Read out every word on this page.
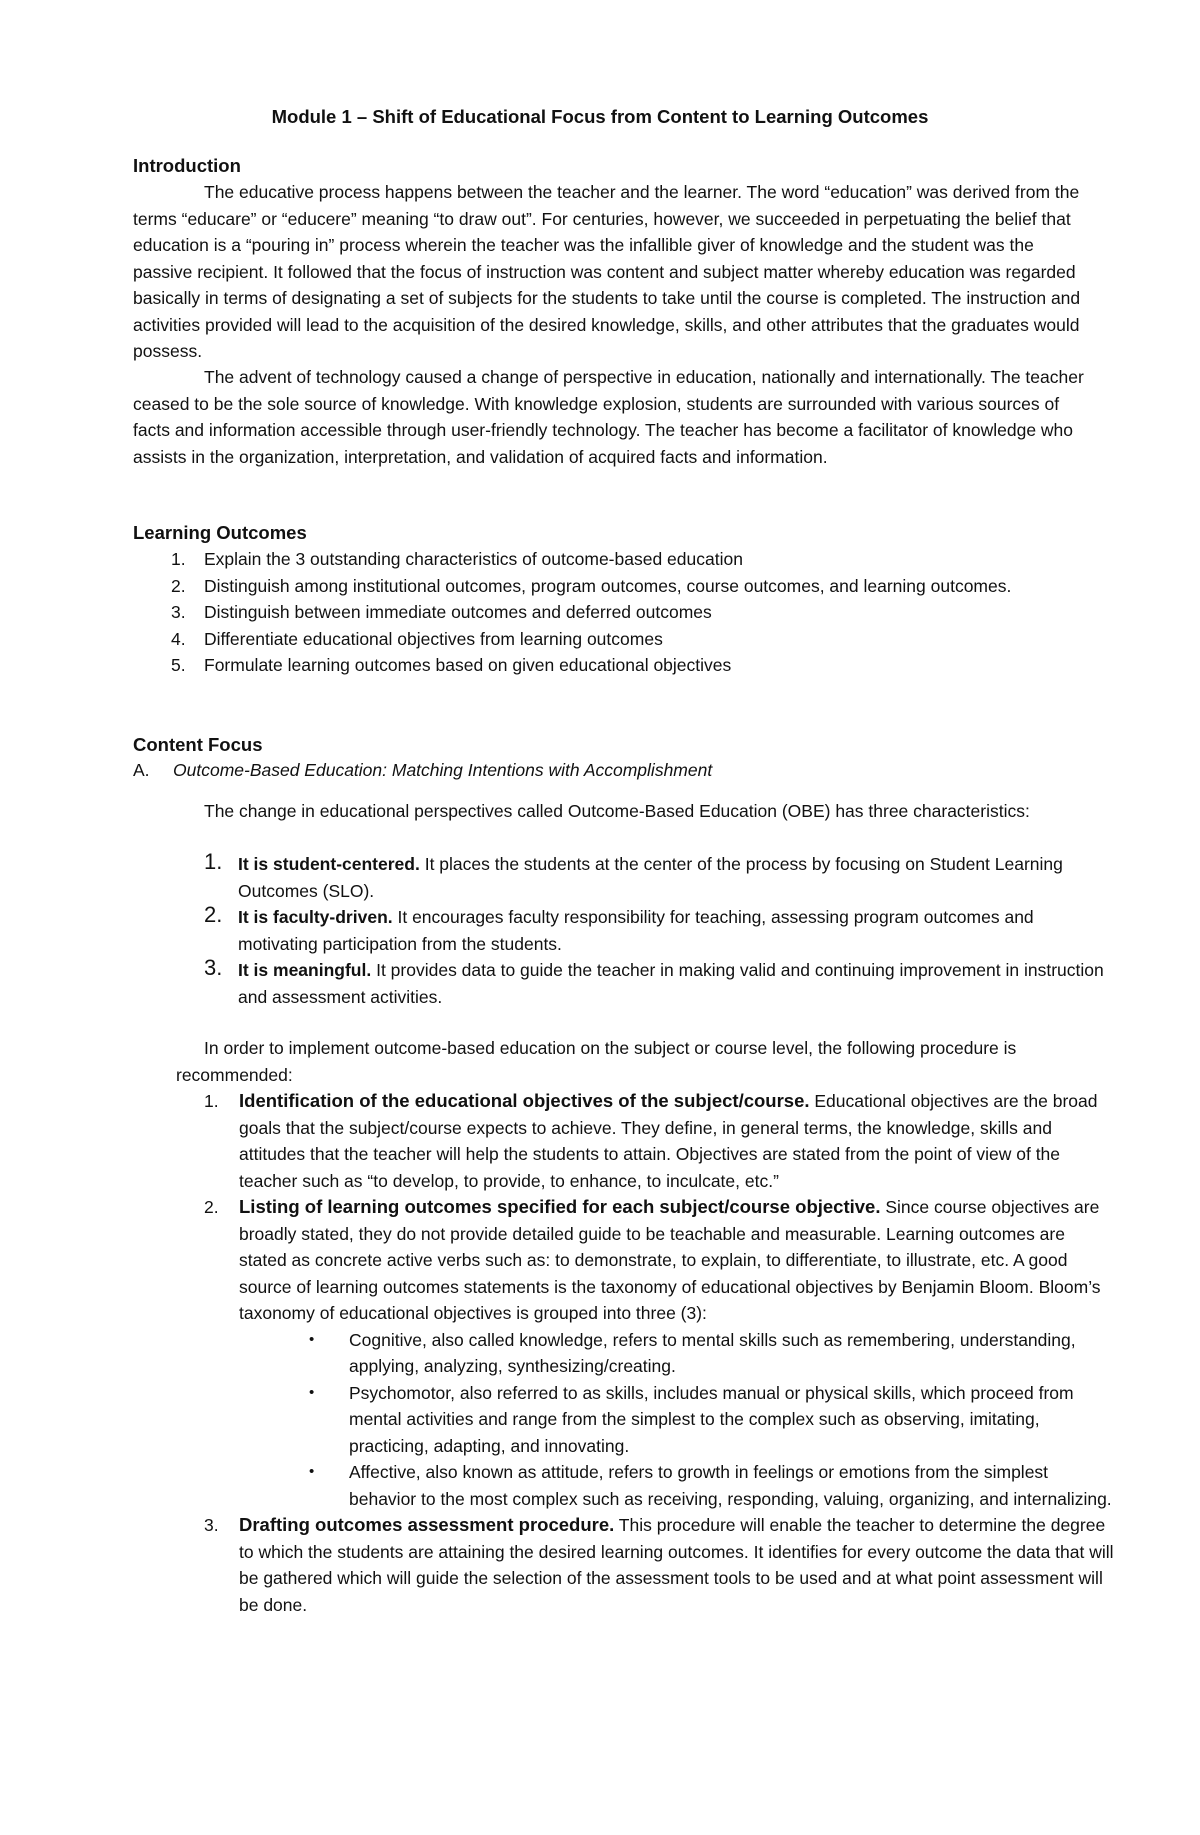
Module 1 – Shift of Educational Focus from Content to Learning Outcomes
Introduction

The educative process happens between the teacher and the learner. The word “education” was derived from the terms “educare” or “educere” meaning “to draw out”. For centuries, however, we succeeded in perpetuating the belief that education is a “pouring in” process wherein the teacher was the infallible giver of knowledge and the student was the passive recipient. It followed that the focus of instruction was content and subject matter whereby education was regarded basically in terms of designating a set of subjects for the students to take until the course is completed. The instruction and activities provided will lead to the acquisition of the desired knowledge, skills, and other attributes that the graduates would possess.

The advent of technology caused a change of perspective in education, nationally and internationally. The teacher ceased to be the sole source of knowledge. With knowledge explosion, students are surrounded with various sources of facts and information accessible through user-friendly technology. The teacher has become a facilitator of knowledge who assists in the organization, interpretation, and validation of acquired facts and information.

Learning Outcomes
1. Explain the 3 outstanding characteristics of outcome-based education
2. Distinguish among institutional outcomes, program outcomes, course outcomes, and learning outcomes.
3. Distinguish between immediate outcomes and deferred outcomes
4. Differentiate educational objectives from learning outcomes
5. Formulate learning outcomes based on given educational objectives
Content Focus
A. Outcome-Based Education: Matching Intentions with Accomplishment

The change in educational perspectives called Outcome-Based Education (OBE) has three characteristics:

1. It is student-centered. It places the students at the center of the process by focusing on Student Learning Outcomes (SLO).
2. It is faculty-driven. It encourages faculty responsibility for teaching, assessing program outcomes and motivating participation from the students.
3. It is meaningful. It provides data to guide the teacher in making valid and continuing improvement in instruction and assessment activities.

In order to implement outcome-based education on the subject or course level, the following procedure is recommended:

1. Identification of the educational objectives of the subject/course. Educational objectives are the broad goals that the subject/course expects to achieve. They define, in general terms, the knowledge, skills and attitudes that the teacher will help the students to attain. Objectives are stated from the point of view of the teacher such as “to develop, to provide, to enhance, to inculcate, etc.”
2. Listing of learning outcomes specified for each subject/course objective. Since course objectives are broadly stated, they do not provide detailed guide to be teachable and measurable. Learning outcomes are stated as concrete active verbs such as: to demonstrate, to explain, to differentiate, to illustrate, etc. A good source of learning outcomes statements is the taxonomy of educational objectives by Benjamin Bloom. Bloom’s taxonomy of educational objectives is grouped into three (3):
• Cognitive, also called knowledge, refers to mental skills such as remembering, understanding, applying, analyzing, synthesizing/creating.
• Psychomotor, also referred to as skills, includes manual or physical skills, which proceed from mental activities and range from the simplest to the complex such as observing, imitating, practicing, adapting, and innovating.
• Affective, also known as attitude, refers to growth in feelings or emotions from the simplest behavior to the most complex such as receiving, responding, valuing, organizing, and internalizing.
3. Drafting outcomes assessment procedure. This procedure will enable the teacher to determine the degree to which the students are attaining the desired learning outcomes. It identifies for every outcome the data that will be gathered which will guide the selection of the assessment tools to be used and at what point assessment will be done.
